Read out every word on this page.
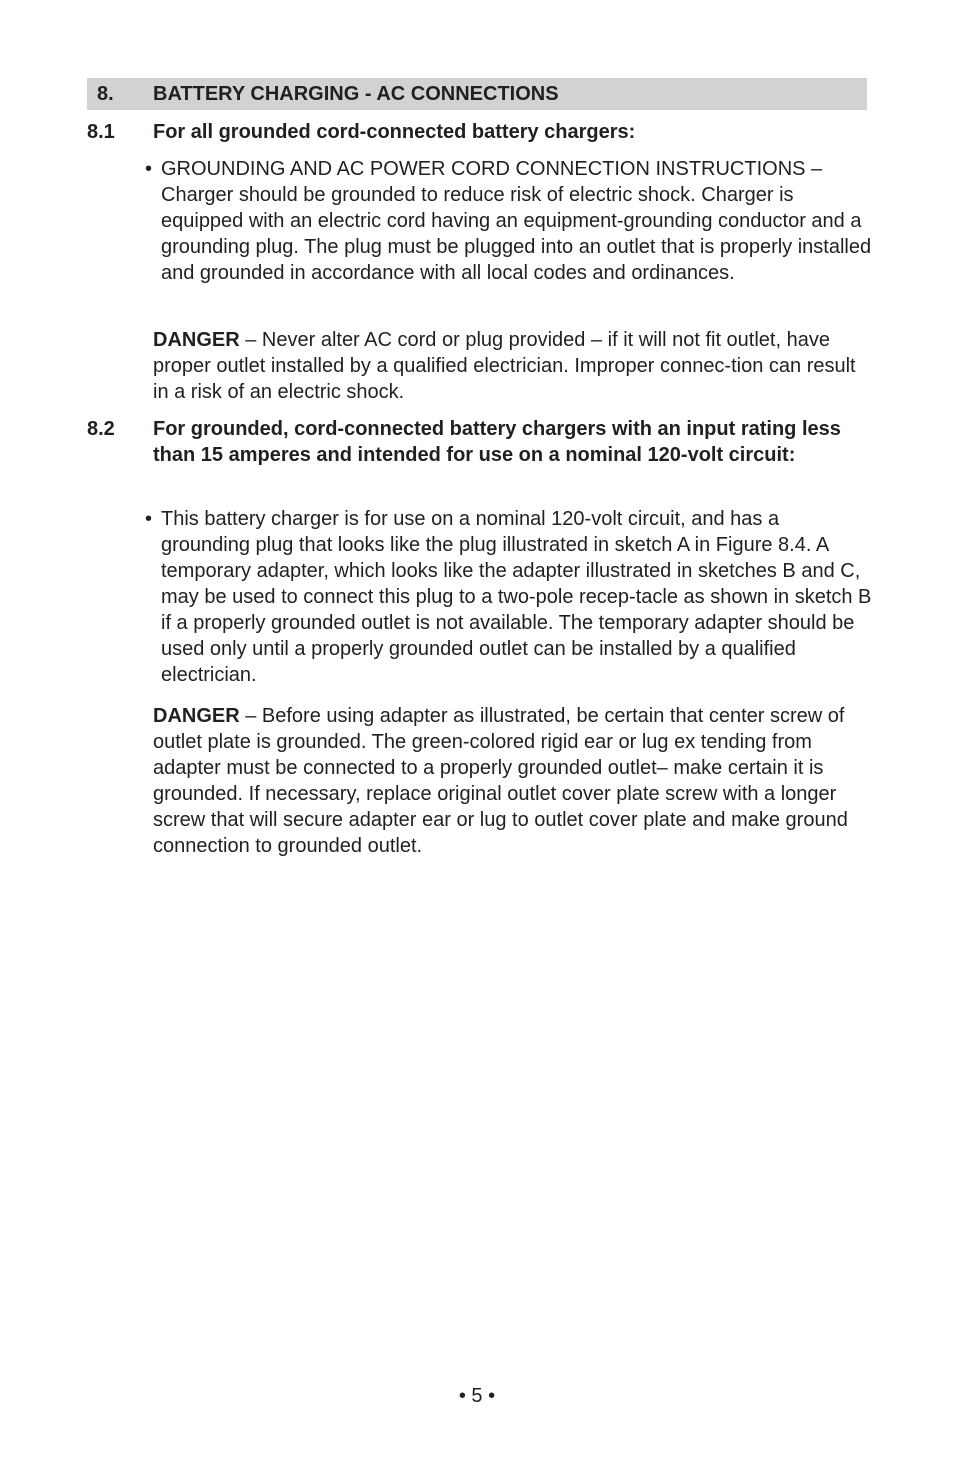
8. BATTERY CHARGING - AC CONNECTIONS
8.1 For all grounded cord-connected battery chargers:
• GROUNDING AND AC POWER CORD CONNECTION INSTRUCTIONS – Charger should be grounded to reduce risk of electric shock. Charger is equipped with an electric cord having an equipment-grounding conductor and a grounding plug. The plug must be plugged into an outlet that is properly installed and grounded in accordance with all local codes and ordinances.
DANGER – Never alter AC cord or plug provided – if it will not fit outlet, have proper outlet installed by a qualified electrician. Improper connec-tion can result in a risk of an electric shock.
8.2 For grounded, cord-connected battery chargers with an input rating less than 15 amperes and intended for use on a nominal 120-volt circuit:
• This battery charger is for use on a nominal 120-volt circuit, and has a grounding plug that looks like the plug illustrated in sketch A in Figure 8.4. A temporary adapter, which looks like the adapter illustrated in sketches B and C, may be used to connect this plug to a two-pole recep-tacle as shown in sketch B if a properly grounded outlet is not available. The temporary adapter should be used only until a properly grounded outlet can be installed by a qualified electrician.
DANGER – Before using adapter as illustrated, be certain that center screw of outlet plate is grounded. The green-colored rigid ear or lug ex tending from adapter must be connected to a properly grounded outlet– make certain it is grounded. If necessary, replace original outlet cover plate screw with a longer screw that will secure adapter ear or lug to outlet cover plate and make ground connection to grounded outlet.
• 5 •
